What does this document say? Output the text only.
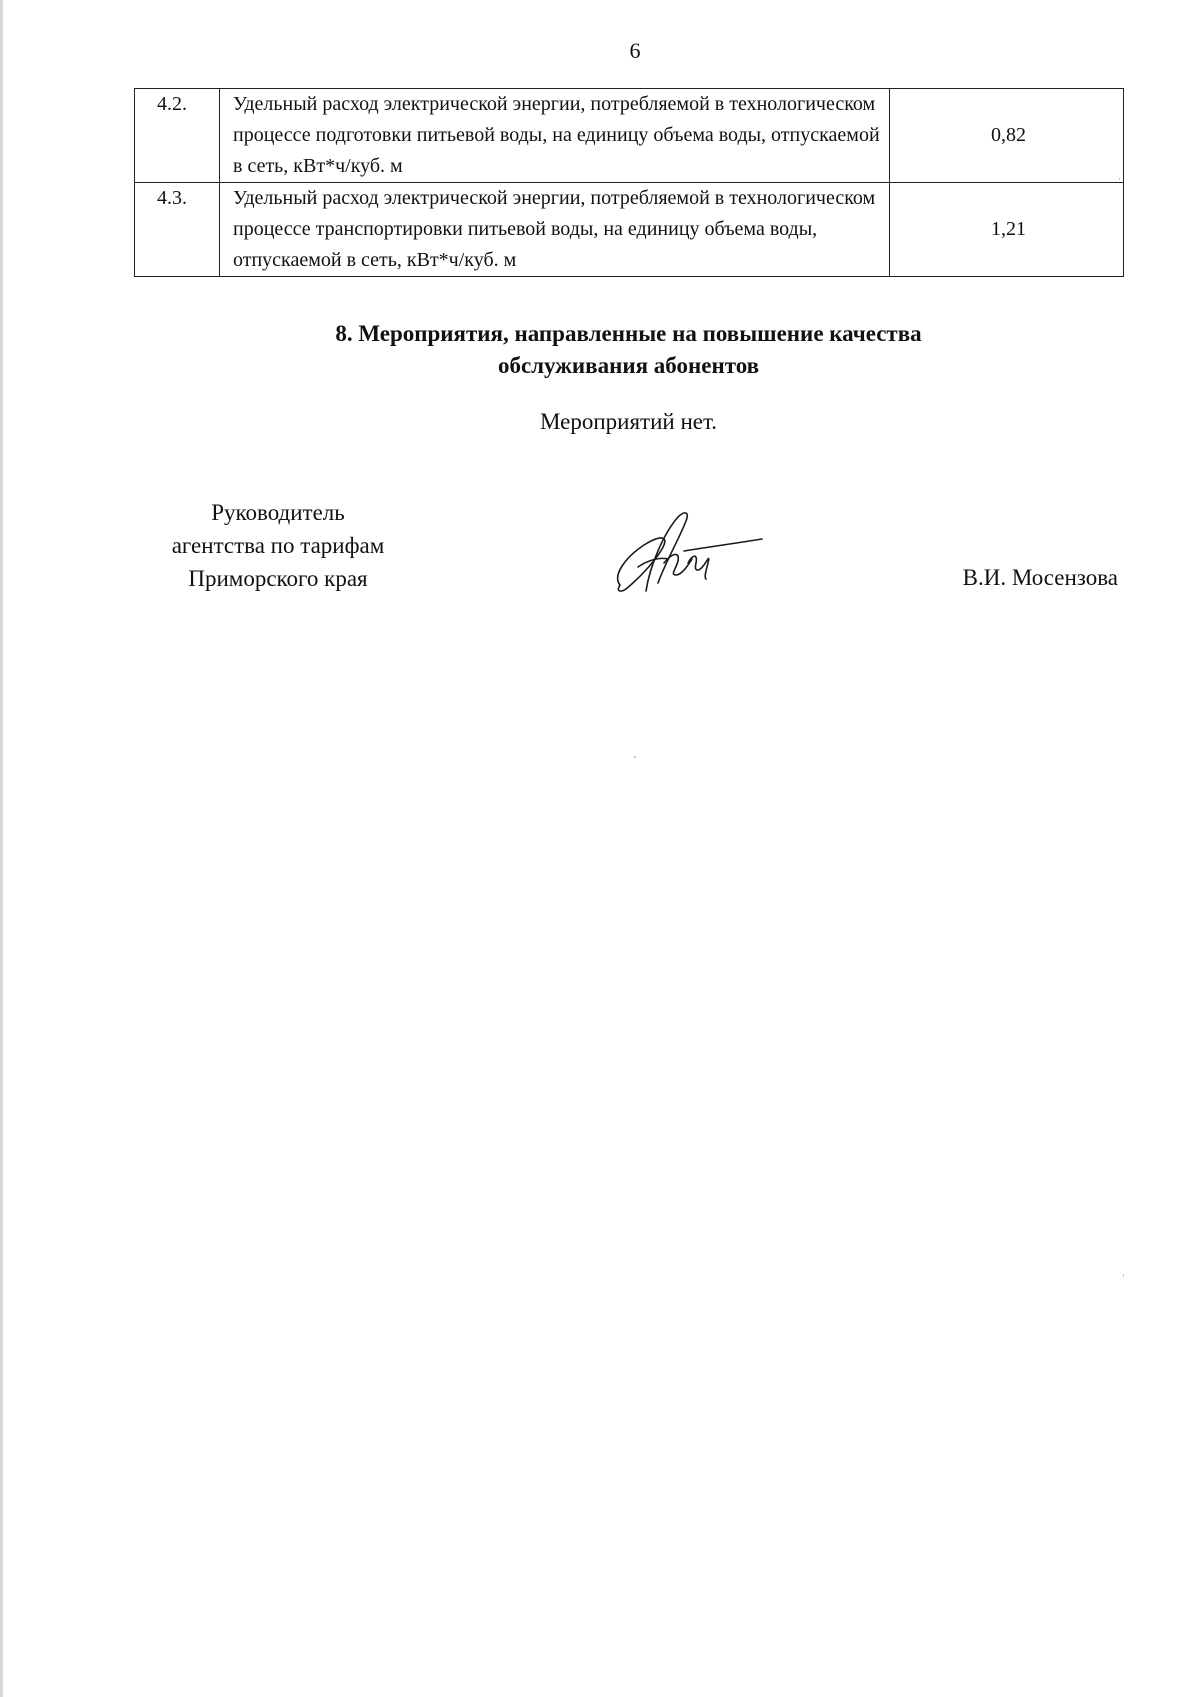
6
4.2.	Удельный расход электрической энергии, потребляемой в технологическом процессе подготовки питьевой воды, на единицу объема воды, отпускаемой в сеть, кВт*ч/куб. м	0,82
4.3.	Удельный расход электрической энергии, потребляемой в технологическом процессе транспортировки питьевой воды, на единицу объема воды, отпускаемой в сеть, кВт*ч/куб. м	1,21
8. Мероприятия, направленные на повышение качества
обслуживания абонентов
Мероприятий нет.
Руководитель
агентства по тарифам
Приморского края	В.И. Мосензова
